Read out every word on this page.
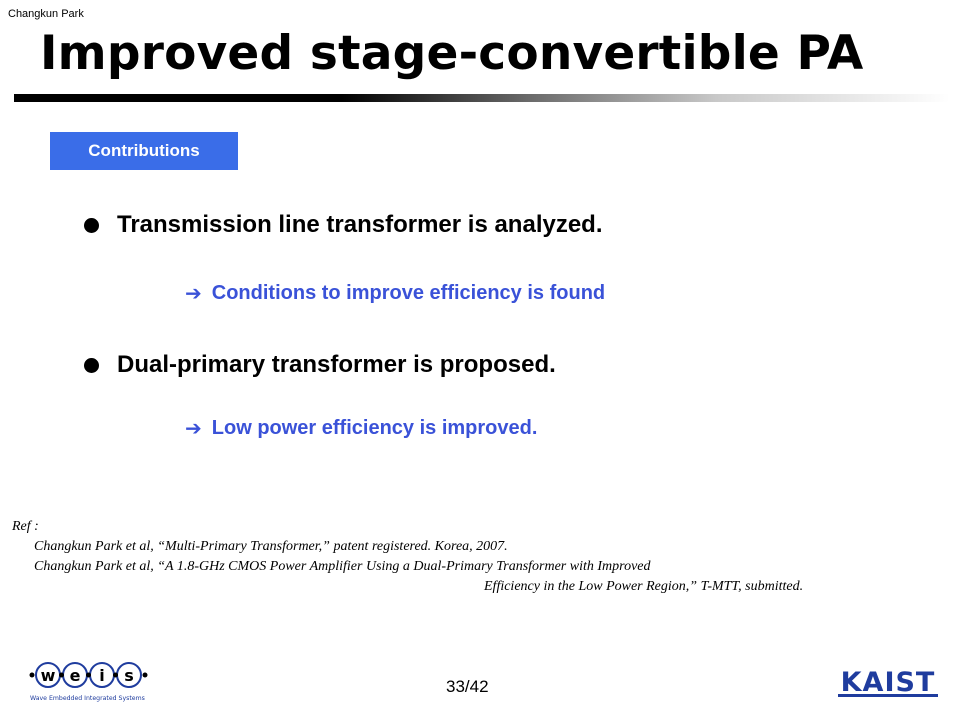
Changkun Park
Improved stage-convertible PA
Contributions
Transmission line transformer is analyzed.
➔ Conditions to improve efficiency is found
Dual-primary transformer is proposed.
➔ Low power efficiency is improved.
Ref :
Changkun Park et al, “Multi-Primary Transformer,” patent registered. Korea, 2007.
Changkun Park et al, “A 1.8-GHz CMOS Power Amplifier Using a Dual-Primary Transformer with Improved
Efficiency in the Low Power Region,” T-MTT, submitted.
w e i s
Wave Embedded Integrated Systems
33/42	KAIST
